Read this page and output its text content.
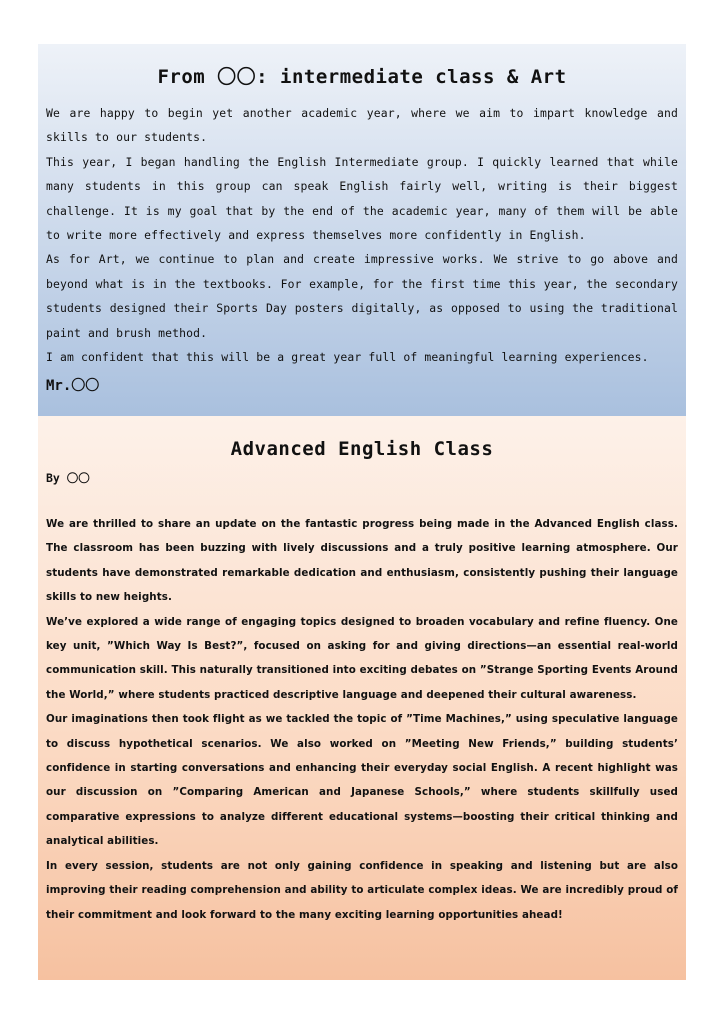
From 〇〇: intermediate class & Art

We are happy to begin yet another academic year, where we aim to impart knowledge and skills to our students.

This year, I began handling the English Intermediate group. I quickly learned that while many students in this group can speak English fairly well, writing is their biggest challenge. It is my goal that by the end of the academic year, many of them will be able to write more effectively and express themselves more confidently in English.

As for Art, we continue to plan and create impressive works. We strive to go above and beyond what is in the textbooks. For example, for the first time this year, the secondary students designed their Sports Day posters digitally, as opposed to using the traditional paint and brush method.

I am confident that this will be a great year full of meaningful learning experiences.

Mr.〇〇
Advanced English Class
By 〇〇

We are thrilled to share an update on the fantastic progress being made in the Advanced English class. The classroom has been buzzing with lively discussions and a truly positive learning atmosphere. Our students have demonstrated remarkable dedication and enthusiasm, consistently pushing their language skills to new heights.

We’ve explored a wide range of engaging topics designed to broaden vocabulary and refine fluency. One key unit, ”Which Way Is Best?”, focused on asking for and giving directions—an essential real-world communication skill. This naturally transitioned into exciting debates on ”Strange Sporting Events Around the World,” where students practiced descriptive language and deepened their cultural awareness.

Our imaginations then took flight as we tackled the topic of ”Time Machines,” using speculative language to discuss hypothetical scenarios. We also worked on ”Meeting New Friends,” building students’ confidence in starting conversations and enhancing their everyday social English. A recent highlight was our discussion on ”Comparing American and Japanese Schools,” where students skillfully used comparative expressions to analyze different educational systems—boosting their critical thinking and analytical abilities.

In every session, students are not only gaining confidence in speaking and listening but are also improving their reading comprehension and ability to articulate complex ideas. We are incredibly proud of their commitment and look forward to the many exciting learning opportunities ahead!
